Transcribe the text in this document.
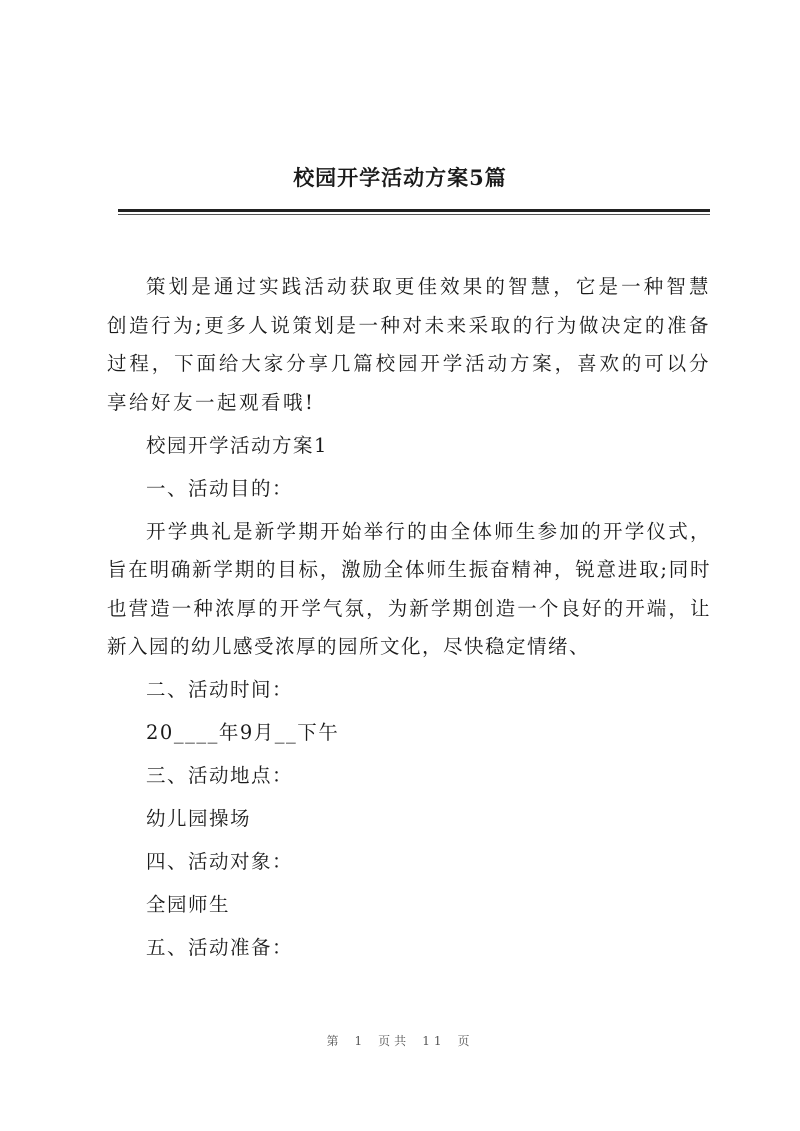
校园开学活动方案5篇

策划是通过实践活动获取更佳效果的智慧，它是一种智慧创造行为;更多人说策划是一种对未来采取的行为做决定的准备过程，下面给大家分享几篇校园开学活动方案，喜欢的可以分享给好友一起观看哦!

校园开学活动方案1

一、活动目的：

开学典礼是新学期开始举行的由全体师生参加的开学仪式，旨在明确新学期的目标，激励全体师生振奋精神，锐意进取;同时也营造一种浓厚的开学气氛，为新学期创造一个良好的开端，让新入园的幼儿感受浓厚的园所文化，尽快稳定情绪、

二、活动时间：

20____年9月__下午

三、活动地点：

幼儿园操场

四、活动对象：

全园师生

五、活动准备：

第 1 页共 11 页
